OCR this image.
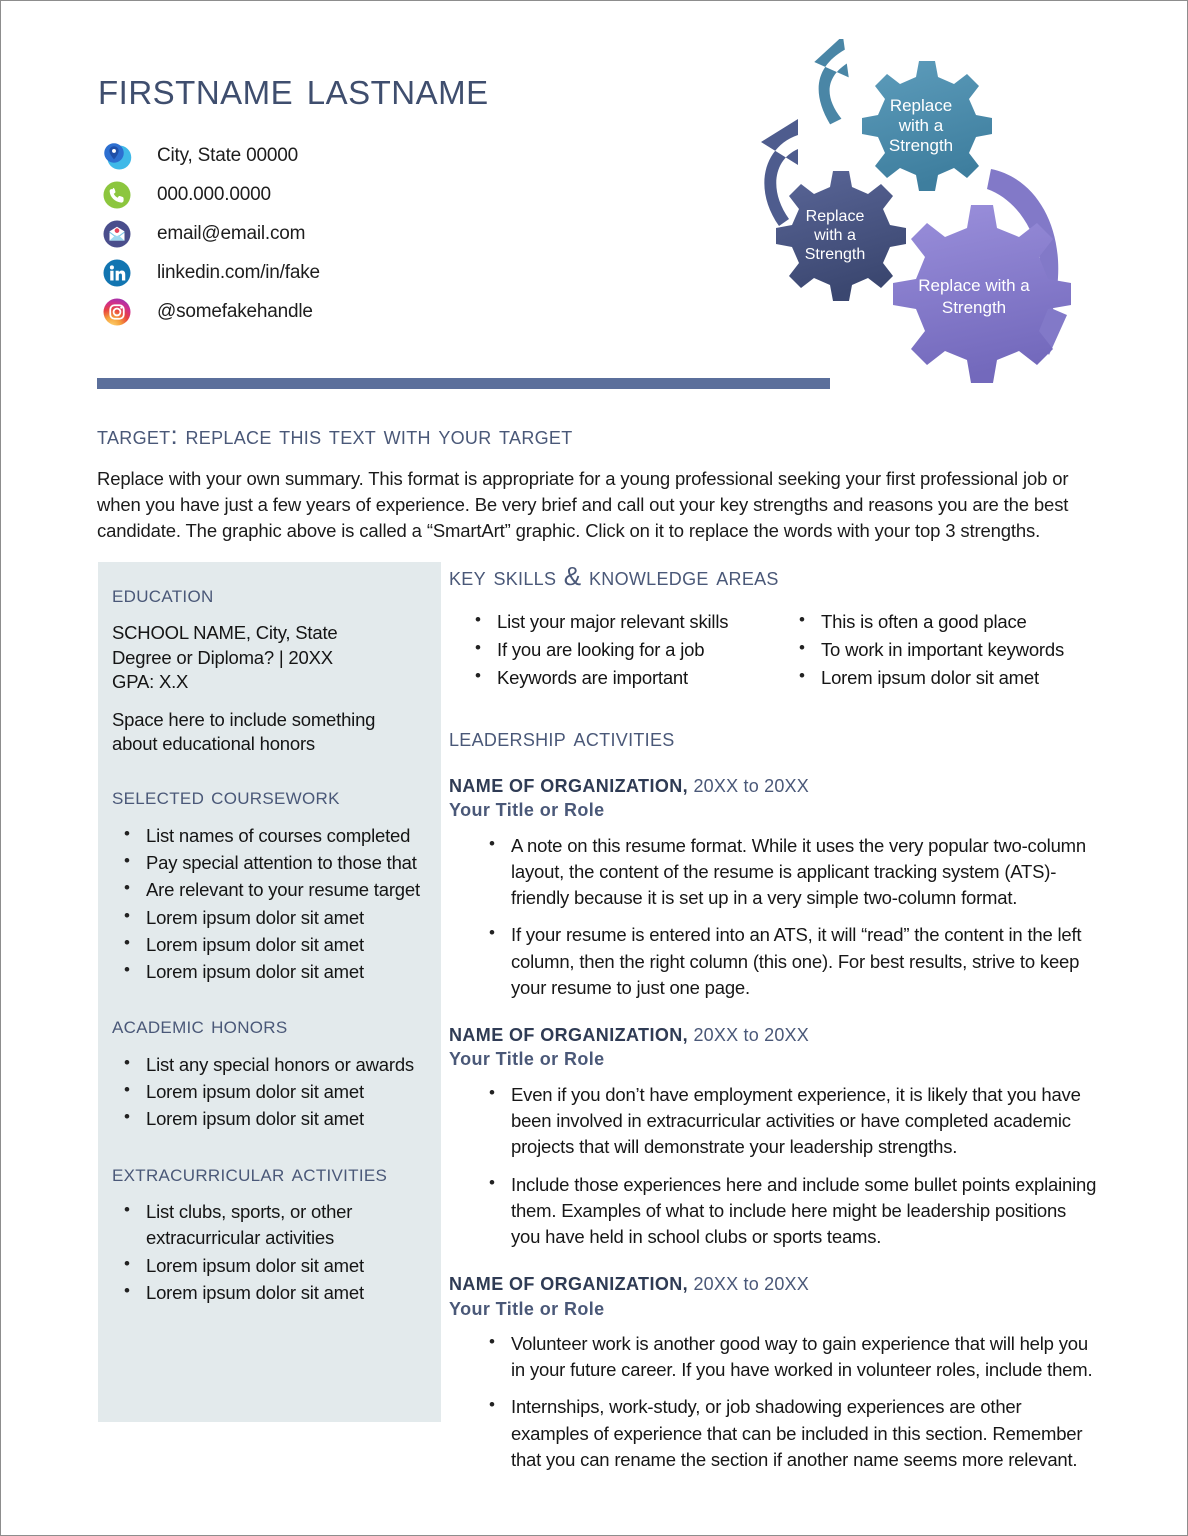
firstname lastname
City, State 00000
000.000.0000
email@email.com
linkedin.com/in/fake
@somefakehandle
Replace
with a
Strength
Replace
with a
Strength
Replace with a
Strength
target: replace this text with your target
Replace with your own summary. This format is appropriate for a young professional seeking your first professional job or when you have just a few years of experience. Be very brief and call out your key strengths and reasons you are the best candidate. The graphic above is called a “SmartArt” graphic. Click on it to replace the words with your top 3 strengths.
education
SCHOOL NAME, City, State
Degree or Diploma? | 20XX
GPA: X.X
Space here to include something about educational honors
selected coursework
• List names of courses completed
• Pay special attention to those that
• Are relevant to your resume target
• Lorem ipsum dolor sit amet
• Lorem ipsum dolor sit amet
• Lorem ipsum dolor sit amet
academic honors
• List any special honors or awards
• Lorem ipsum dolor sit amet
• Lorem ipsum dolor sit amet
extracurricular activities
• List clubs, sports, or other extracurricular activities
• Lorem ipsum dolor sit amet
• Lorem ipsum dolor sit amet
key skills & knowledge areas
• List your major relevant skills
• If you are looking for a job
• Keywords are important
• This is often a good place
• To work in important keywords
• Lorem ipsum dolor sit amet
leadership activities
NAME OF ORGANIZATION, 20XX to 20XX
Your Title or Role
• A note on this resume format. While it uses the very popular two-column layout, the content of the resume is applicant tracking system (ATS)-friendly because it is set up in a very simple two-column format.
• If your resume is entered into an ATS, it will “read” the content in the left column, then the right column (this one). For best results, strive to keep your resume to just one page.
NAME OF ORGANIZATION, 20XX to 20XX
Your Title or Role
• Even if you don’t have employment experience, it is likely that you have been involved in extracurricular activities or have completed academic projects that will demonstrate your leadership strengths.
• Include those experiences here and include some bullet points explaining them. Examples of what to include here might be leadership positions you have held in school clubs or sports teams.
NAME OF ORGANIZATION, 20XX to 20XX
Your Title or Role
• Volunteer work is another good way to gain experience that will help you in your future career. If you have worked in volunteer roles, include them.
• Internships, work-study, or job shadowing experiences are other examples of experience that can be included in this section. Remember that you can rename the section if another name seems more relevant.
